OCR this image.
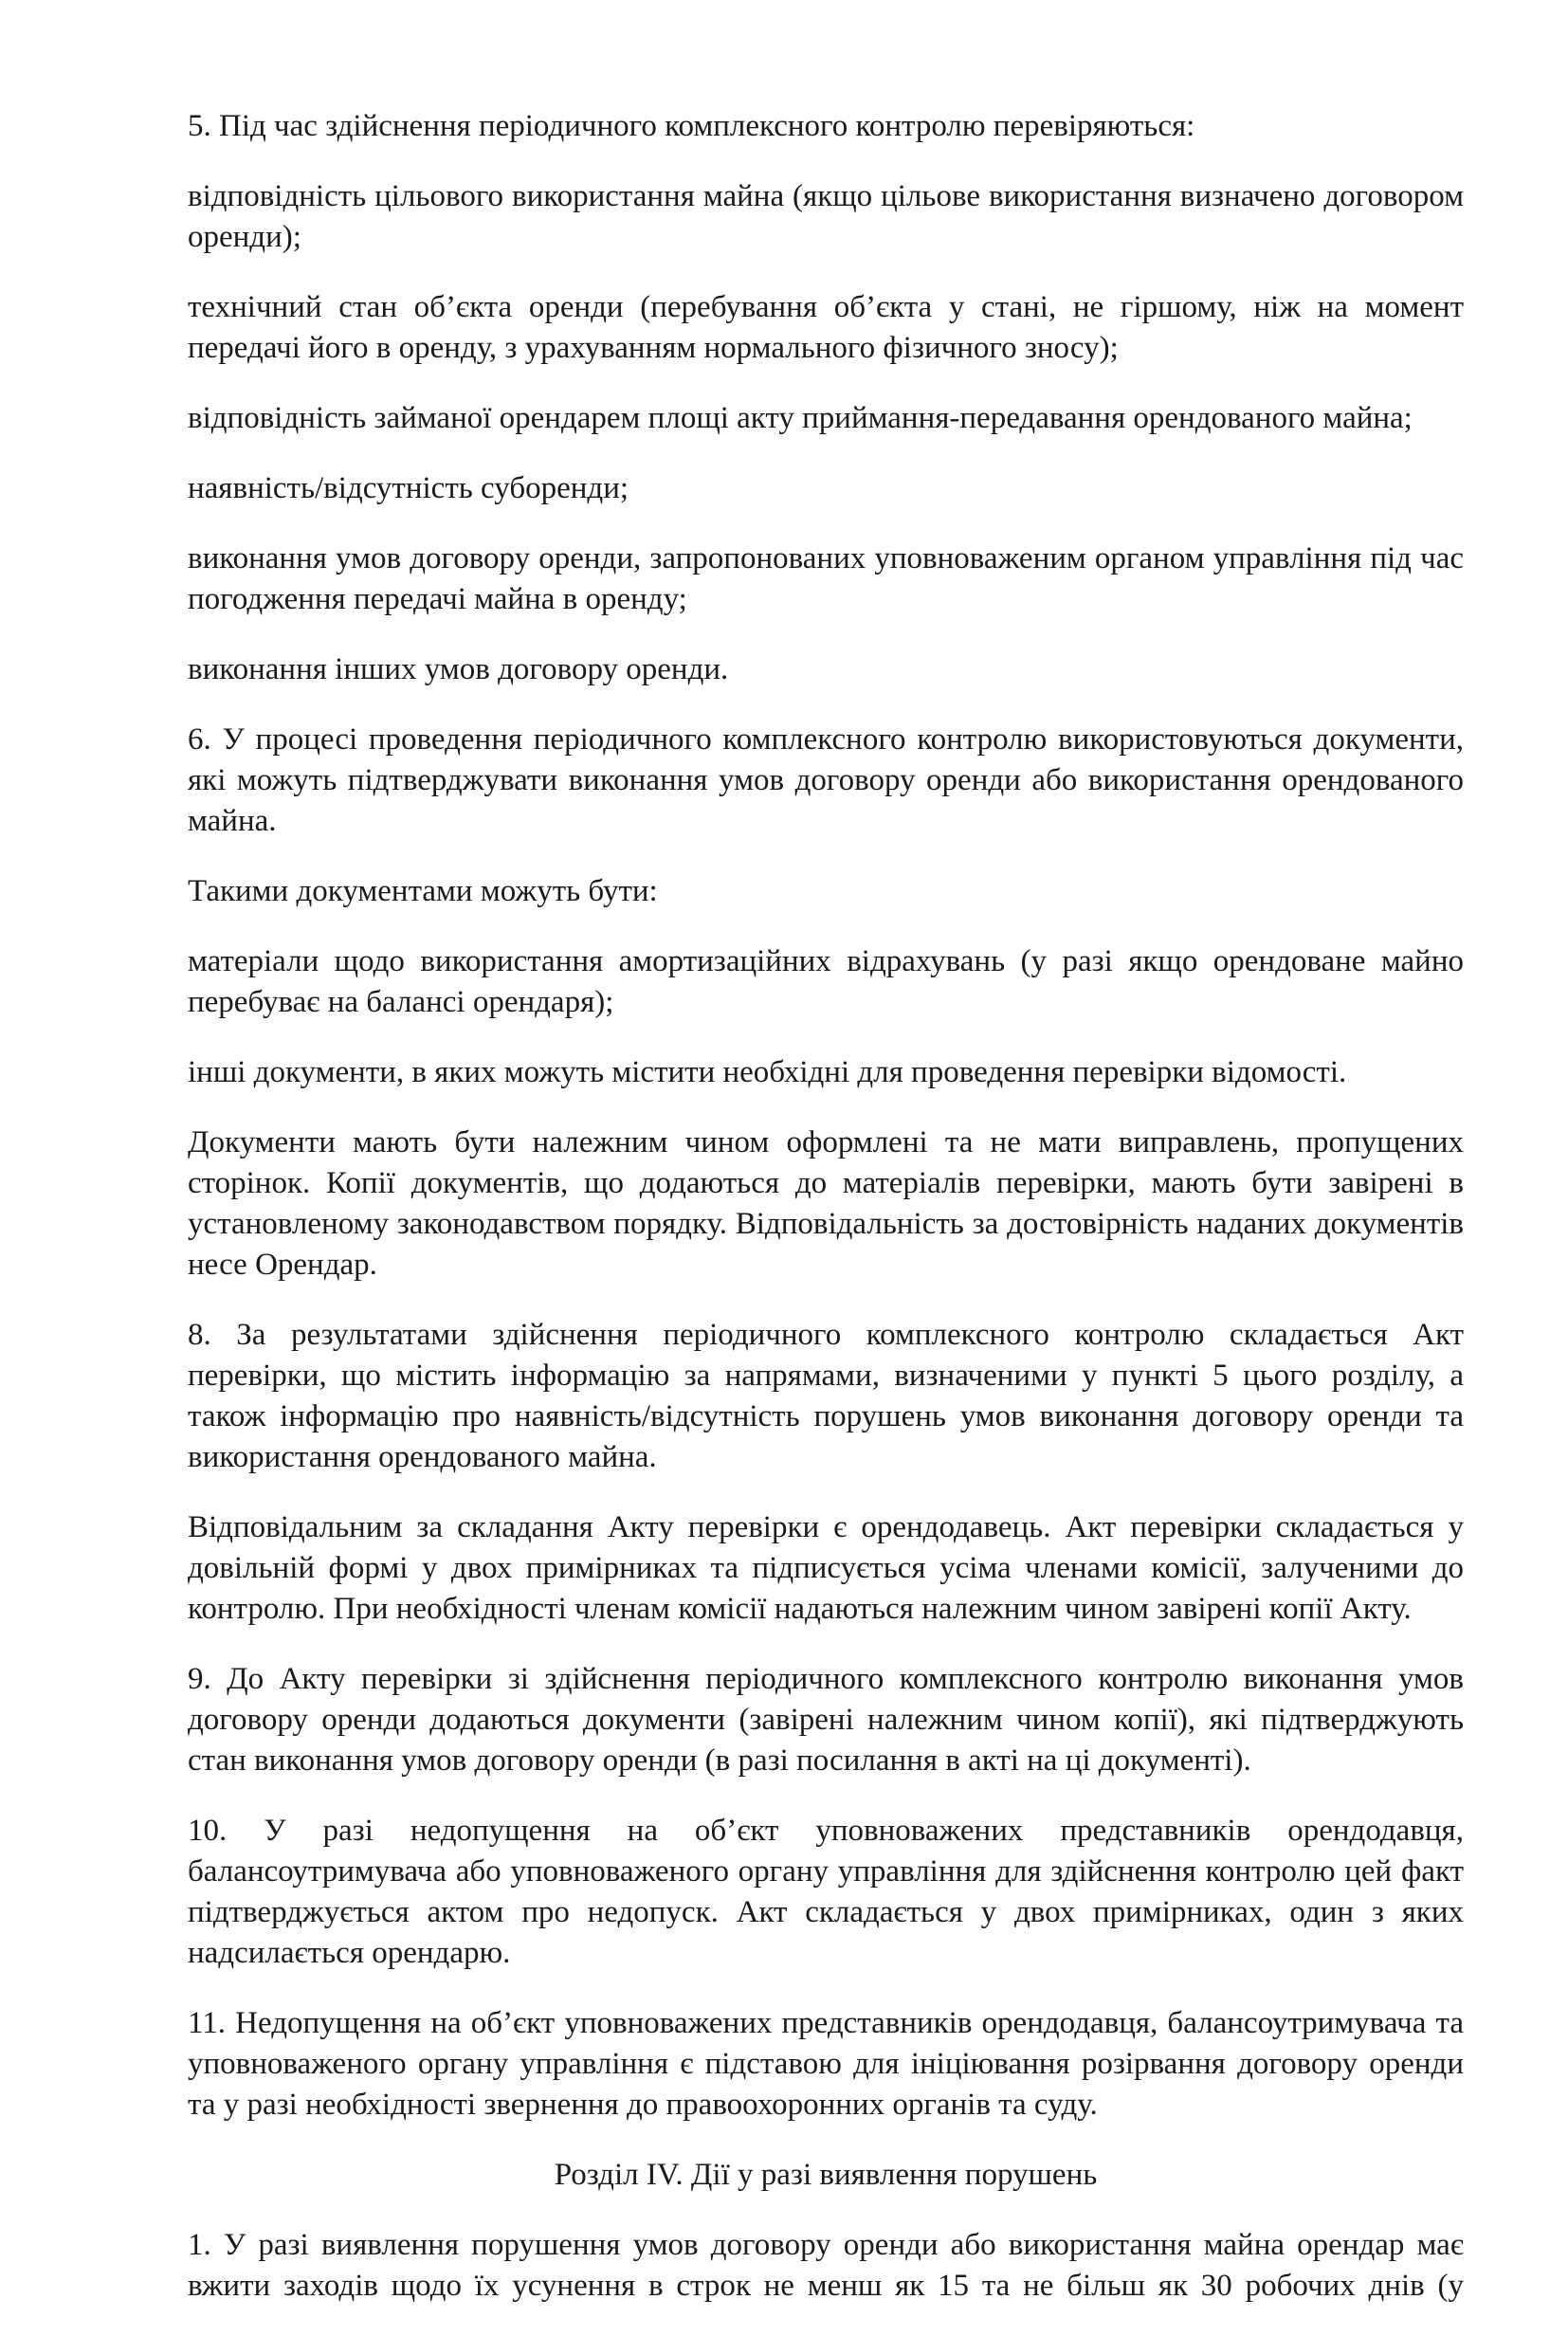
5. Під час здійснення періодичного комплексного контролю перевіряються:

відповідність цільового використання майна (якщо цільове використання визначено договором оренди);

технічний стан об’єкта оренди (перебування об’єкта у стані, не гіршому, ніж на момент передачі його в оренду, з урахуванням нормального фізичного зносу);

відповідність займаної орендарем площі акту приймання-передавання орендованого майна;

наявність/відсутність суборенди;

виконання умов договору оренди, запропонованих уповноваженим органом управління під час погодження передачі майна в оренду;

виконання інших умов договору оренди.

6. У процесі проведення періодичного комплексного контролю використовуються документи, які можуть підтверджувати виконання умов договору оренди або використання орендованого майна.

Такими документами можуть бути:

матеріали щодо використання амортизаційних відрахувань (у разі якщо орендоване майно перебуває на балансі орендаря);

інші документи, в яких можуть містити необхідні для проведення перевірки відомості.

Документи мають бути належним чином оформлені та не мати виправлень, пропущених сторінок. Копії документів, що додаються до матеріалів перевірки, мають бути завірені в установленому законодавством порядку. Відповідальність за достовірність наданих документів несе Орендар.

8. За результатами здійснення періодичного комплексного контролю складається Акт перевірки, що містить інформацію за напрямами, визначеними у пункті 5 цього розділу, а також інформацію про наявність/відсутність порушень умов виконання договору оренди та використання орендованого майна.

Відповідальним за складання Акту перевірки є орендодавець. Акт перевірки складається у довільній формі у двох примірниках та підписується усіма членами комісії, залученими до контролю. При необхідності членам комісії надаються належним чином завірені копії Акту.

9. До Акту перевірки зі здійснення періодичного комплексного контролю виконання умов договору оренди додаються документи (завірені належним чином копії), які підтверджують стан виконання умов договору оренди (в разі посилання в акті на ці документі).

10. У разі недопущення на об’єкт уповноважених представників орендодавця, балансоутримувача або уповноваженого органу управління для здійснення контролю цей факт підтверджується актом про недопуск. Акт складається у двох примірниках, один з яких надсилається орендарю.

11. Недопущення на об’єкт уповноважених представників орендодавця, балансоутримувача та уповноваженого органу управління є підставою для ініціювання розірвання договору оренди та у разі необхідності звернення до правоохоронних органів та суду.

Розділ IV. Дії у разі виявлення порушень

1. У разі виявлення порушення умов договору оренди або використання майна орендар має вжити заходів щодо їх усунення в строк не менш як 15 та не більш як 30 робочих днів (у
